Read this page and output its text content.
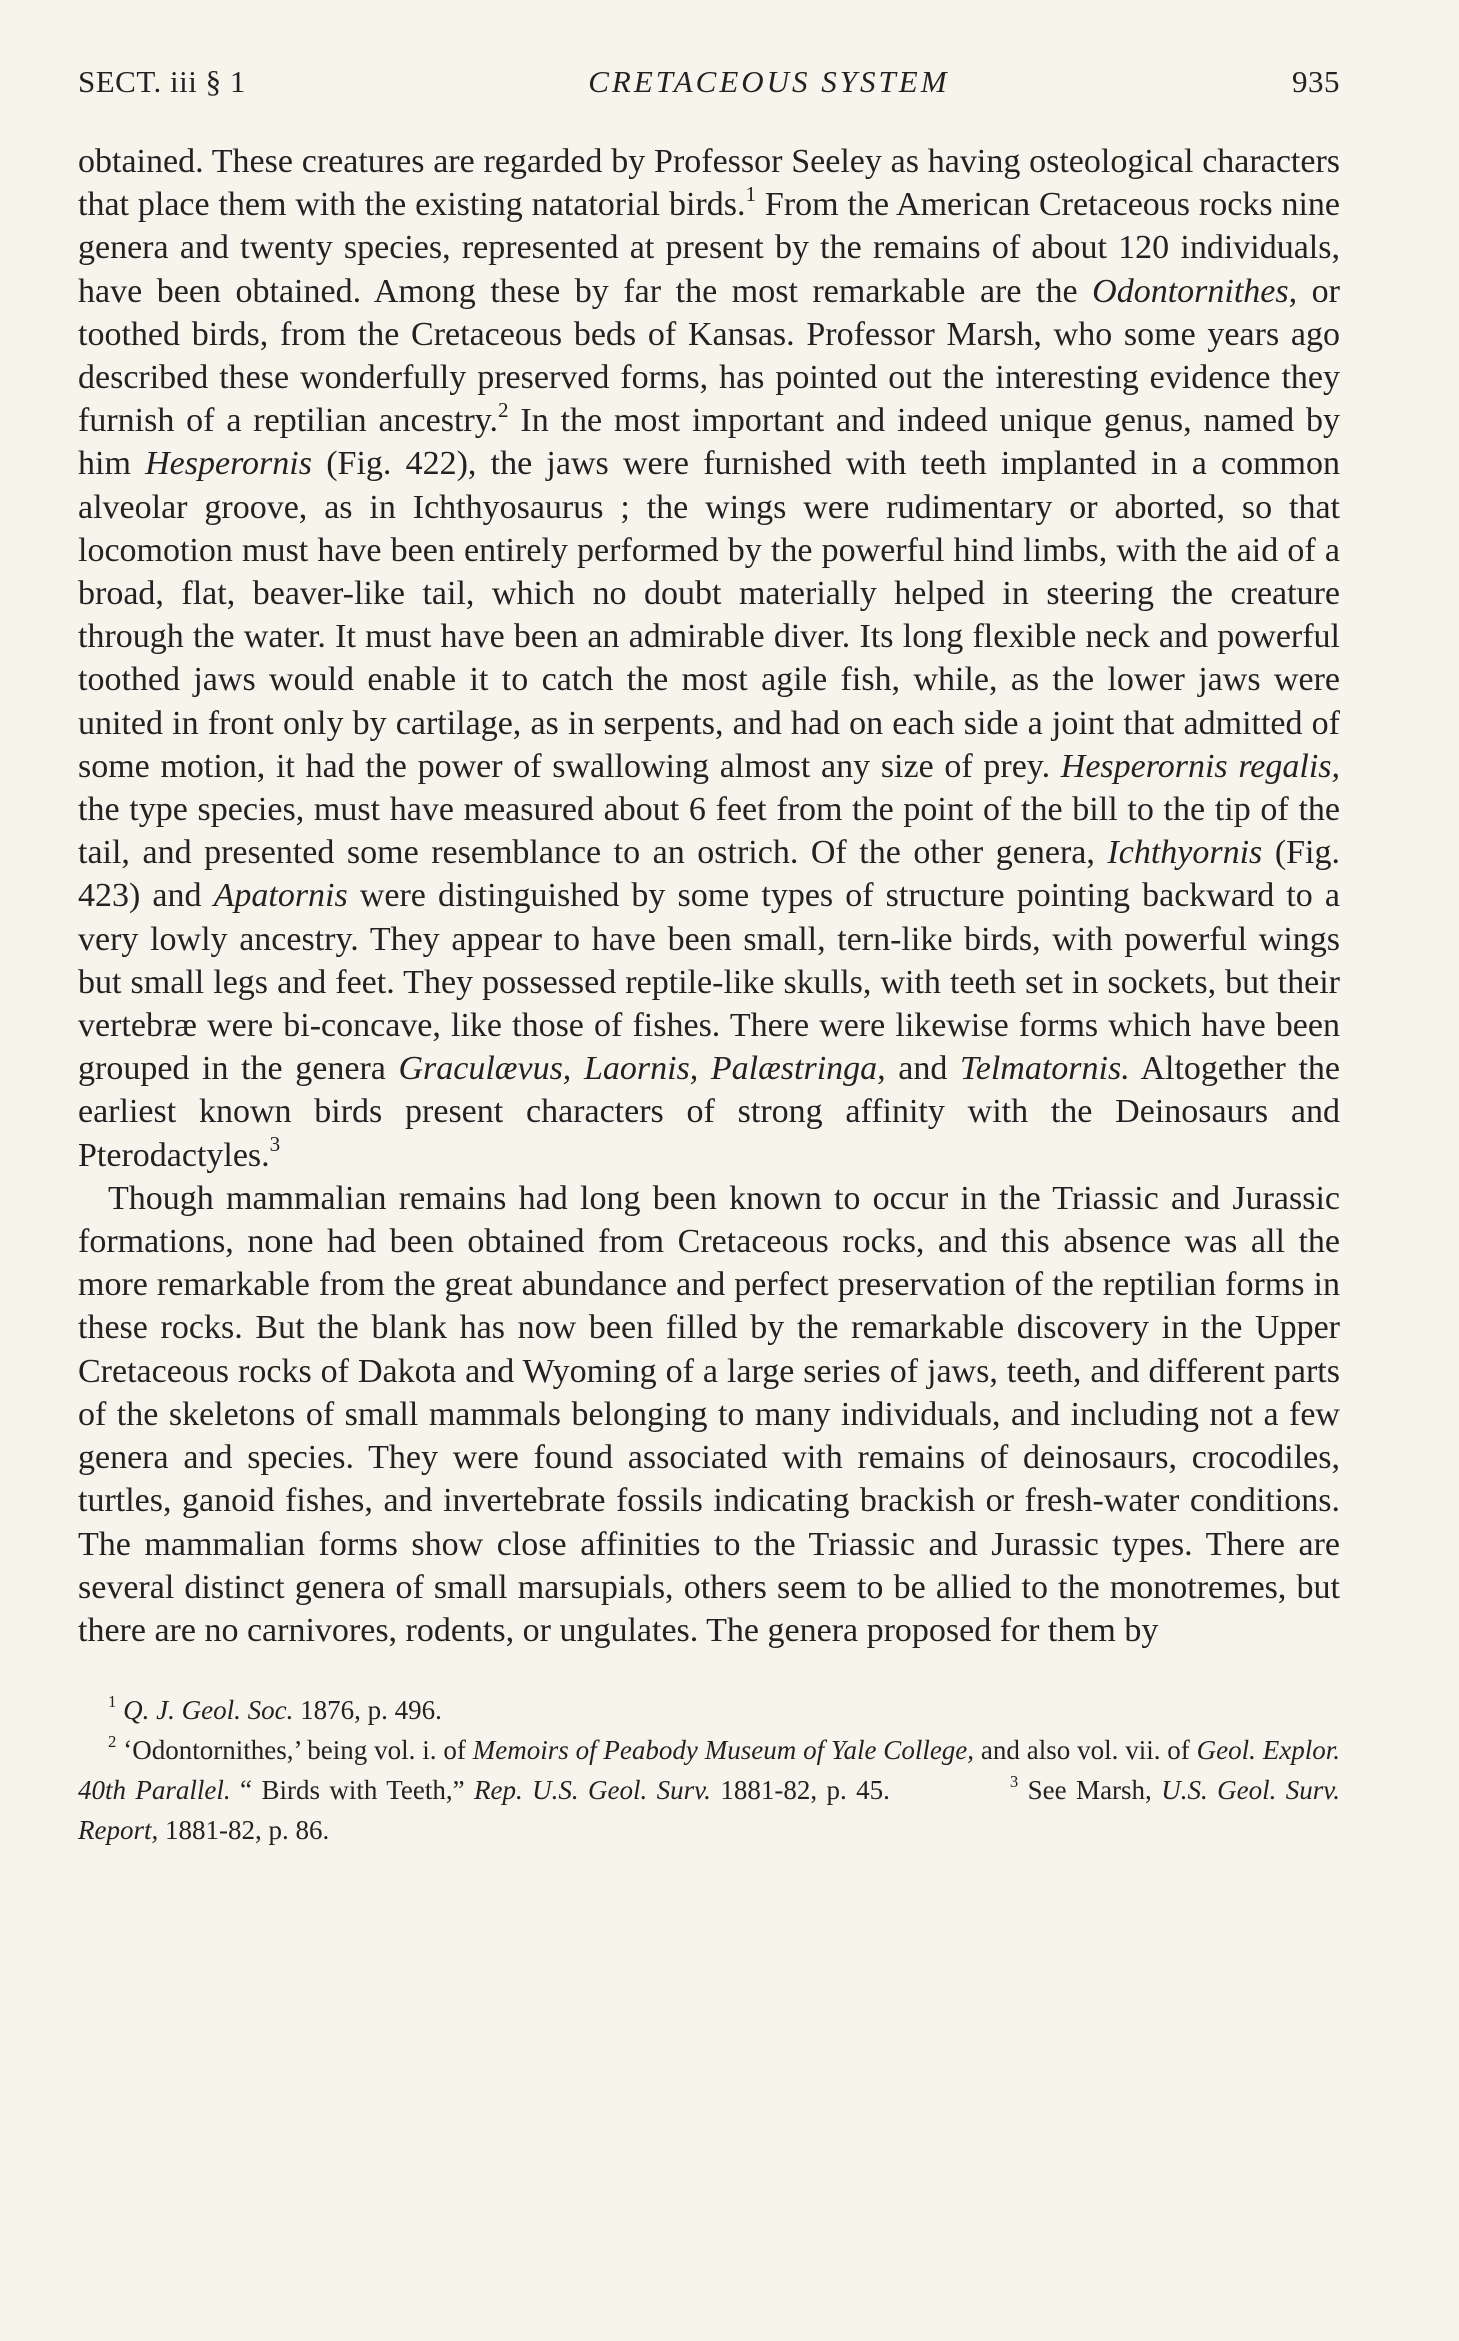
SECT. iii § 1	CRETACEOUS SYSTEM	935

obtained. These creatures are regarded by Professor Seeley as having osteological characters that place them with the existing natatorial birds.$^1$ From the American Cretaceous rocks nine genera and twenty species, represented at present by the remains of about 120 individuals, have been obtained. Among these by far the most remarkable are the Odontornithes, or toothed birds, from the Cretaceous beds of Kansas. Professor Marsh, who some years ago described these wonderfully preserved forms, has pointed out the interesting evidence they furnish of a reptilian ancestry.$^2$ In the most important and indeed unique genus, named by him Hesperornis (Fig. 422), the jaws were furnished with teeth implanted in a common alveolar groove, as in Ichthyosaurus ; the wings were rudimentary or aborted, so that locomotion must have been entirely performed by the powerful hind limbs, with the aid of a broad, flat, beaver-like tail, which no doubt materially helped in steering the creature through the water. It must have been an admirable diver. Its long flexible neck and powerful toothed jaws would enable it to catch the most agile fish, while, as the lower jaws were united in front only by cartilage, as in serpents, and had on each side a joint that admitted of some motion, it had the power of swallowing almost any size of prey. Hesperornis regalis, the type species, must have measured about 6 feet from the point of the bill to the tip of the tail, and presented some resemblance to an ostrich. Of the other genera, Ichthyornis (Fig. 423) and Apatornis were distinguished by some types of structure pointing backward to a very lowly ancestry. They appear to have been small, tern-like birds, with powerful wings but small legs and feet. They possessed reptile-like skulls, with teeth set in sockets, but their vertebræ were bi-concave, like those of fishes. There were likewise forms which have been grouped in the genera Graculævus, Laornis, Palæstringa, and Telmatornis. Altogether the earliest known birds present characters of strong affinity with the Deinosaurs and Pterodactyles.$^3$

Though mammalian remains had long been known to occur in the Triassic and Jurassic formations, none had been obtained from Cretaceous rocks, and this absence was all the more remarkable from the great abundance and perfect preservation of the reptilian forms in these rocks. But the blank has now been filled by the remarkable discovery in the Upper Cretaceous rocks of Dakota and Wyoming of a large series of jaws, teeth, and different parts of the skeletons of small mammals belonging to many individuals, and including not a few genera and species. They were found associated with remains of deinosaurs, crocodiles, turtles, ganoid fishes, and invertebrate fossils indicating brackish or fresh-water conditions. The mammalian forms show close affinities to the Triassic and Jurassic types. There are several distinct genera of small marsupials, others seem to be allied to the monotremes, but there are no carnivores, rodents, or ungulates. The genera proposed for them by

$^1$ Q. J. Geol. Soc. 1876, p. 496.

$^2$ ‘Odontornithes,’ being vol. i. of Memoirs of Peabody Museum of Yale College, and also vol. vii. of Geol. Explor. 40th Parallel. “ Birds with Teeth,” Rep. U.S. Geol. Surv. 1881-82, p. 45.	$^3$ See Marsh, U.S. Geol. Surv. Report, 1881-82, p. 86.
